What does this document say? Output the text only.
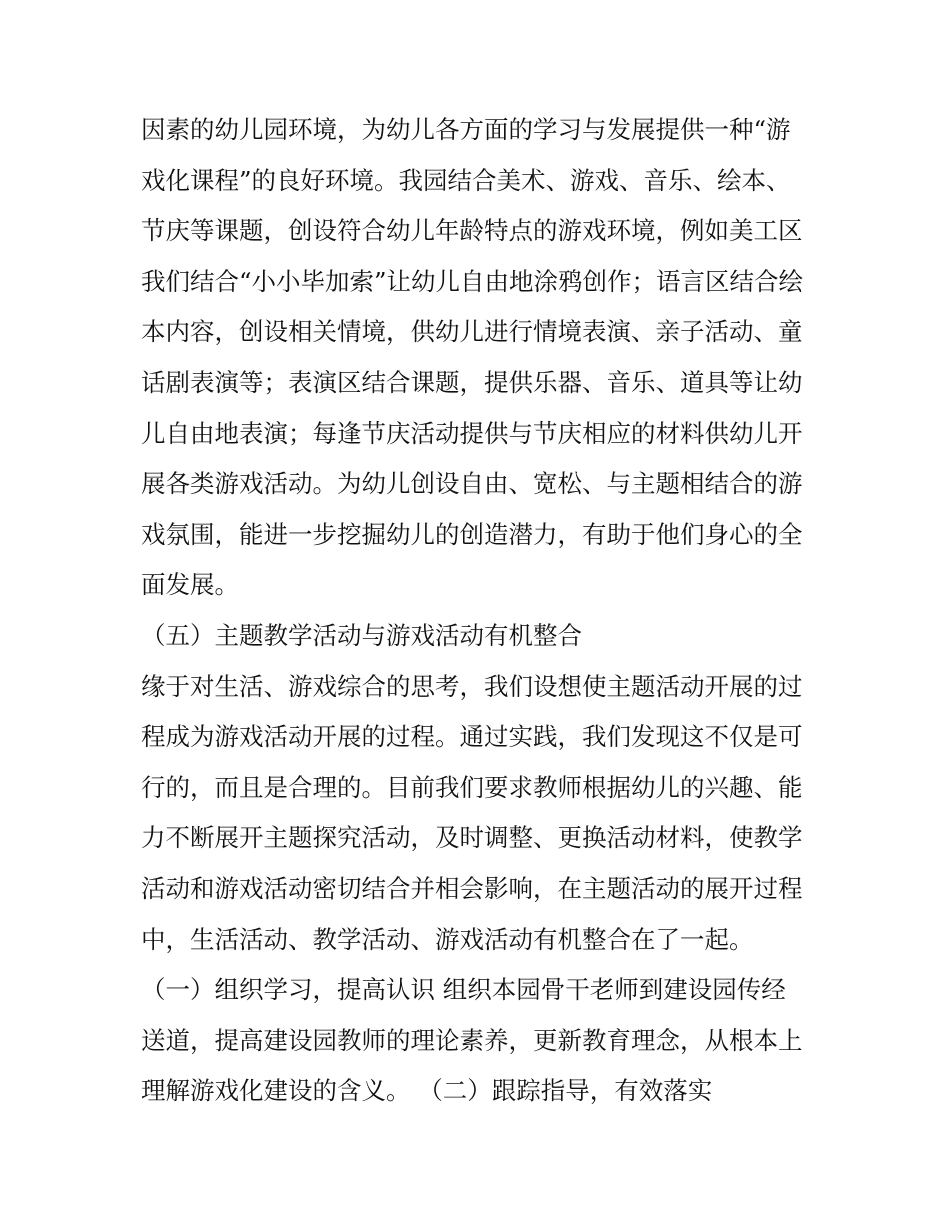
因素的幼儿园环境，为幼儿各方面的学习与发展提供一种“游
戏化课程”的良好环境。我园结合美术、游戏、音乐、绘本、
节庆等课题，创设符合幼儿年龄特点的游戏环境，例如美工区
我们结合“小小毕加索”让幼儿自由地涂鸦创作；语言区结合绘
本内容，创设相关情境，供幼儿进行情境表演、亲子活动、童
话剧表演等；表演区结合课题，提供乐器、音乐、道具等让幼
儿自由地表演；每逢节庆活动提供与节庆相应的材料供幼儿开
展各类游戏活动。为幼儿创设自由、宽松、与主题相结合的游
戏氛围，能进一步挖掘幼儿的创造潜力，有助于他们身心的全
面发展。
（五）主题教学活动与游戏活动有机整合
缘于对生活、游戏综合的思考，我们设想使主题活动开展的过
程成为游戏活动开展的过程。通过实践，我们发现这不仅是可
行的，而且是合理的。目前我们要求教师根据幼儿的兴趣、能
力不断展开主题探究活动，及时调整、更换活动材料，使教学
活动和游戏活动密切结合并相会影响，在主题活动的展开过程
中，生活活动、教学活动、游戏活动有机整合在了一起。
（一）组织学习，提高认识 组织本园骨干老师到建设园传经
送道，提高建设园教师的理论素养，更新教育理念，从根本上
理解游戏化建设的含义。 （二）跟踪指导，有效落实
